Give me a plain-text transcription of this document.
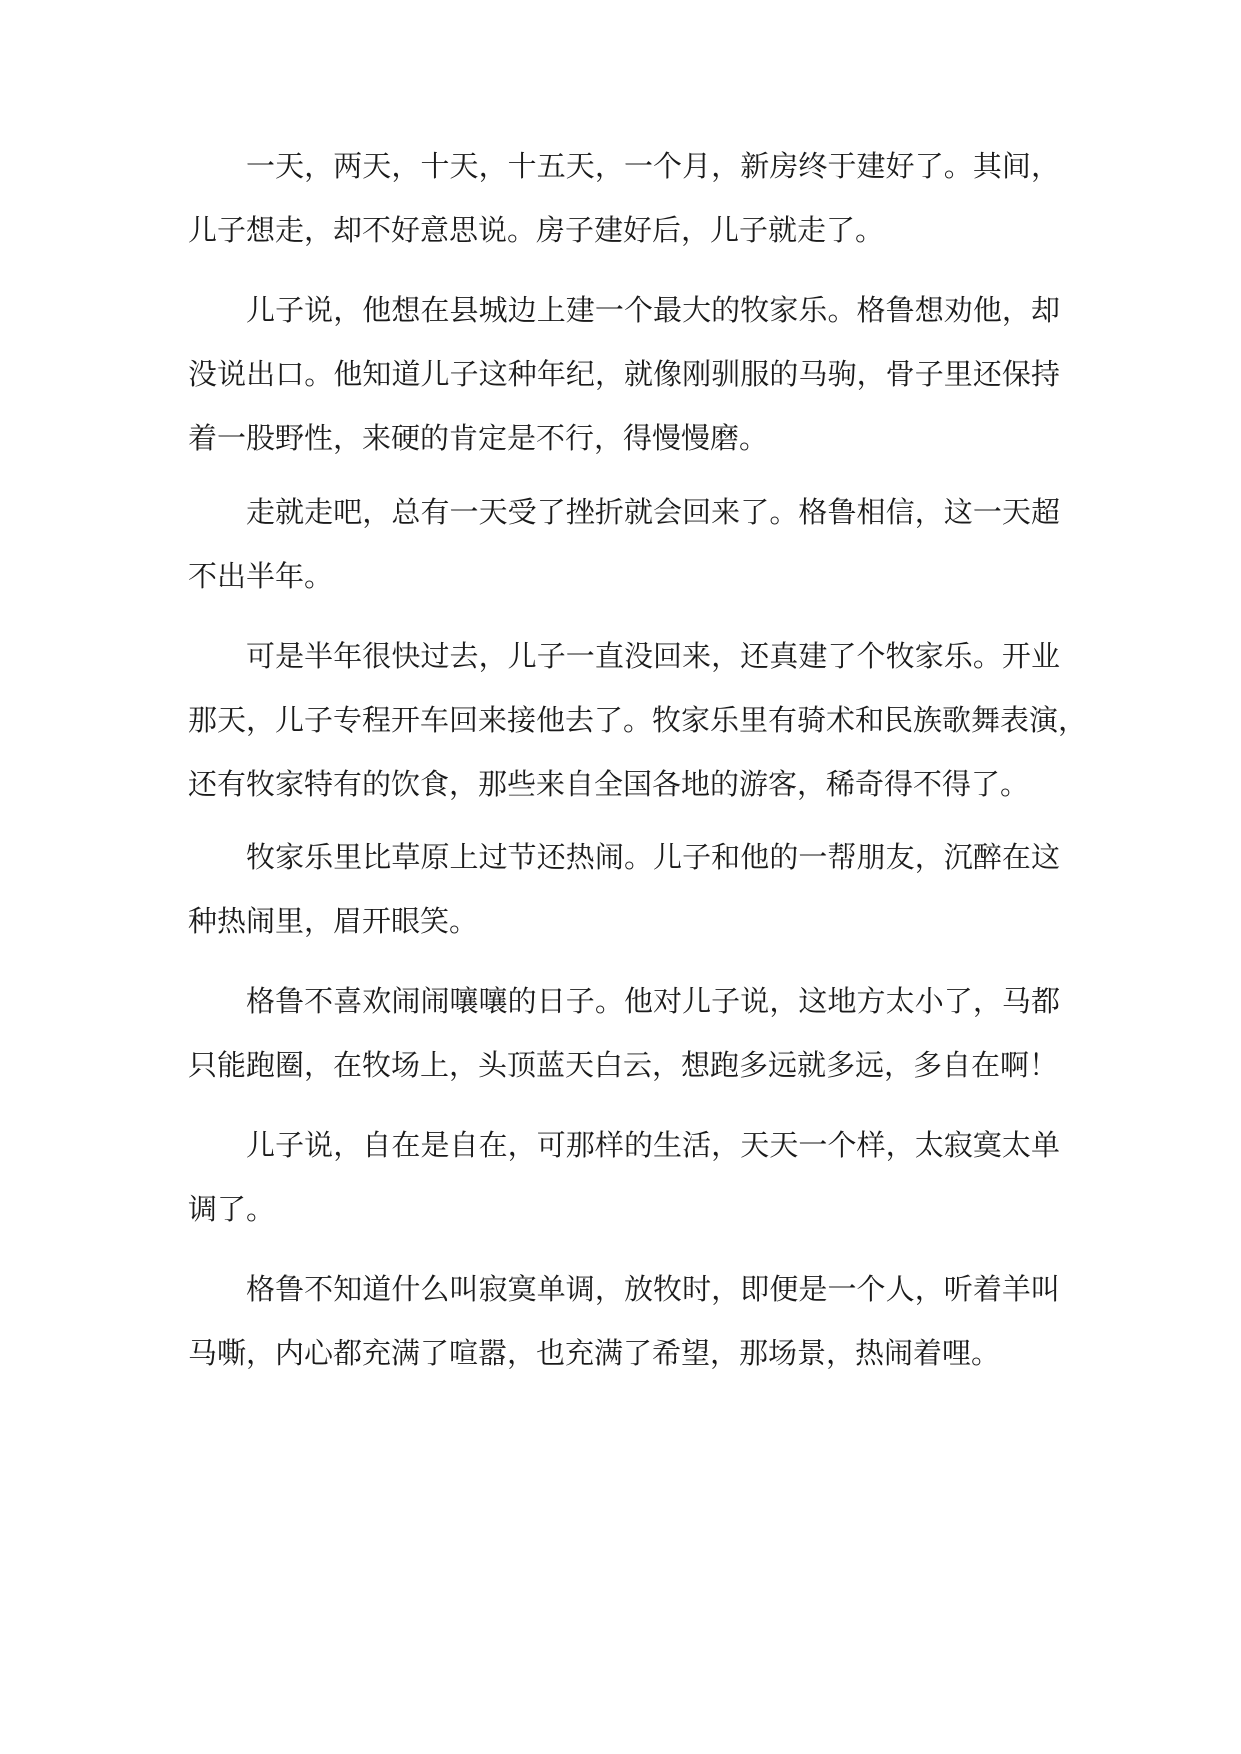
一天，两天，十天，十五天，一个月，新房终于建好了。其间，
儿子想走，却不好意思说。房子建好后，儿子就走了。
儿子说，他想在县城边上建一个最大的牧家乐。格鲁想劝他，却
没说出口。他知道儿子这种年纪，就像刚驯服的马驹，骨子里还保持
着一股野性，来硬的肯定是不行，得慢慢磨。
走就走吧，总有一天受了挫折就会回来了。格鲁相信，这一天超
不出半年。
可是半年很快过去，儿子一直没回来，还真建了个牧家乐。开业
那天，儿子专程开车回来接他去了。牧家乐里有骑术和民族歌舞表演，
还有牧家特有的饮食，那些来自全国各地的游客，稀奇得不得了。
牧家乐里比草原上过节还热闹。儿子和他的一帮朋友，沉醉在这
种热闹里，眉开眼笑。
格鲁不喜欢闹闹嚷嚷的日子。他对儿子说，这地方太小了，马都
只能跑圈，在牧场上，头顶蓝天白云，想跑多远就多远，多自在啊！
儿子说，自在是自在，可那样的生活，天天一个样，太寂寞太单
调了。
格鲁不知道什么叫寂寞单调，放牧时，即便是一个人，听着羊叫
马嘶，内心都充满了喧嚣，也充满了希望，那场景，热闹着哩。
